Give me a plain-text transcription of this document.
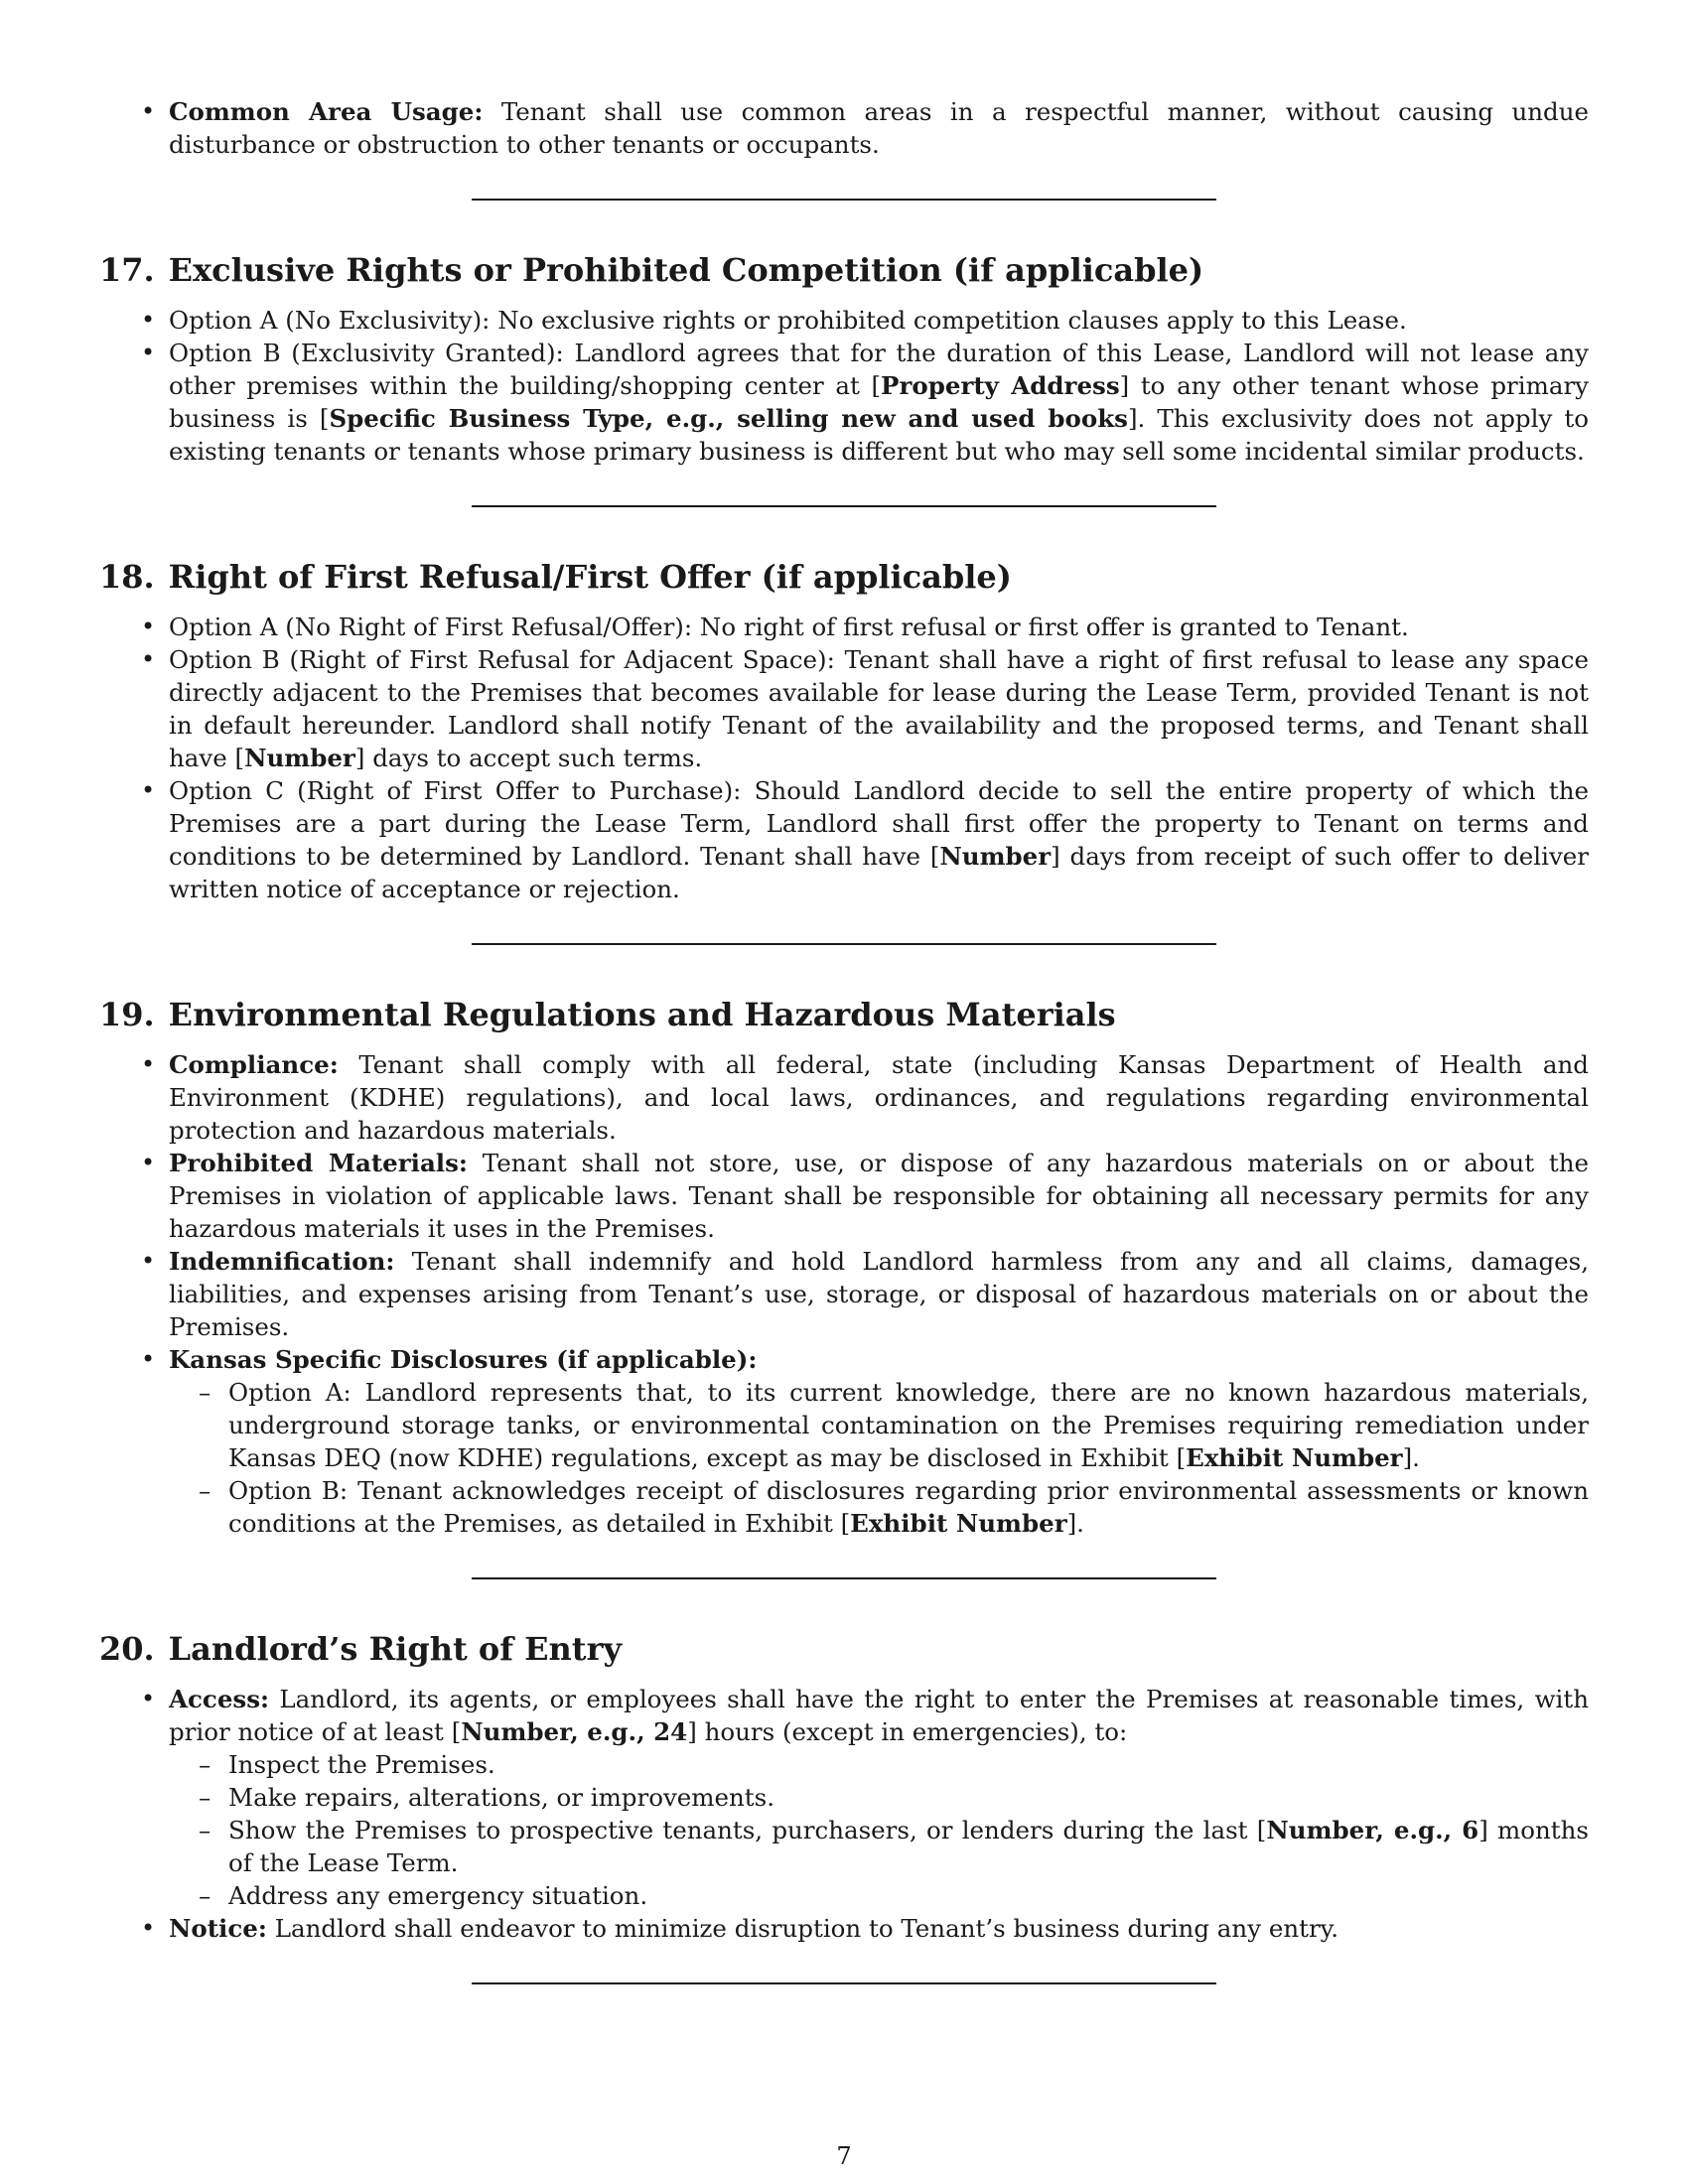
• Common Area Usage: Tenant shall use common areas in a respectful manner, without causing undue disturbance or obstruction to other tenants or occupants.
17. Exclusive Rights or Prohibited Competition (if applicable)
• Option A (No Exclusivity): No exclusive rights or prohibited competition clauses apply to this Lease.
• Option B (Exclusivity Granted): Landlord agrees that for the duration of this Lease, Landlord will not lease any other premises within the building/shopping center at [Property Address] to any other tenant whose primary business is [Specific Business Type, e.g., selling new and used books]. This exclusivity does not apply to existing tenants or tenants whose primary business is different but who may sell some incidental similar products.
18. Right of First Refusal/First Offer (if applicable)
• Option A (No Right of First Refusal/Offer): No right of first refusal or first offer is granted to Tenant.
• Option B (Right of First Refusal for Adjacent Space): Tenant shall have a right of first refusal to lease any space directly adjacent to the Premises that becomes available for lease during the Lease Term, provided Tenant is not in default hereunder. Landlord shall notify Tenant of the availability and the proposed terms, and Tenant shall have [Number] days to accept such terms.
• Option C (Right of First Offer to Purchase): Should Landlord decide to sell the entire property of which the Premises are a part during the Lease Term, Landlord shall first offer the property to Tenant on terms and conditions to be determined by Landlord. Tenant shall have [Number] days from receipt of such offer to deliver written notice of acceptance or rejection.
19. Environmental Regulations and Hazardous Materials
• Compliance: Tenant shall comply with all federal, state (including Kansas Department of Health and Environment (KDHE) regulations), and local laws, ordinances, and regulations regarding environmental protection and hazardous materials.
• Prohibited Materials: Tenant shall not store, use, or dispose of any hazardous materials on or about the Premises in violation of applicable laws. Tenant shall be responsible for obtaining all necessary permits for any hazardous materials it uses in the Premises.
• Indemnification: Tenant shall indemnify and hold Landlord harmless from any and all claims, damages, liabilities, and expenses arising from Tenant’s use, storage, or disposal of hazardous materials on or about the Premises.
• Kansas Specific Disclosures (if applicable):
– Option A: Landlord represents that, to its current knowledge, there are no known hazardous materials, underground storage tanks, or environmental contamination on the Premises requiring remediation under Kansas DEQ (now KDHE) regulations, except as may be disclosed in Exhibit [Exhibit Number].
– Option B: Tenant acknowledges receipt of disclosures regarding prior environmental assessments or known conditions at the Premises, as detailed in Exhibit [Exhibit Number].
20. Landlord’s Right of Entry
• Access: Landlord, its agents, or employees shall have the right to enter the Premises at reasonable times, with prior notice of at least [Number, e.g., 24] hours (except in emergencies), to:
– Inspect the Premises.
– Make repairs, alterations, or improvements.
– Show the Premises to prospective tenants, purchasers, or lenders during the last [Number, e.g., 6] months of the Lease Term.
– Address any emergency situation.
• Notice: Landlord shall endeavor to minimize disruption to Tenant’s business during any entry.
7
